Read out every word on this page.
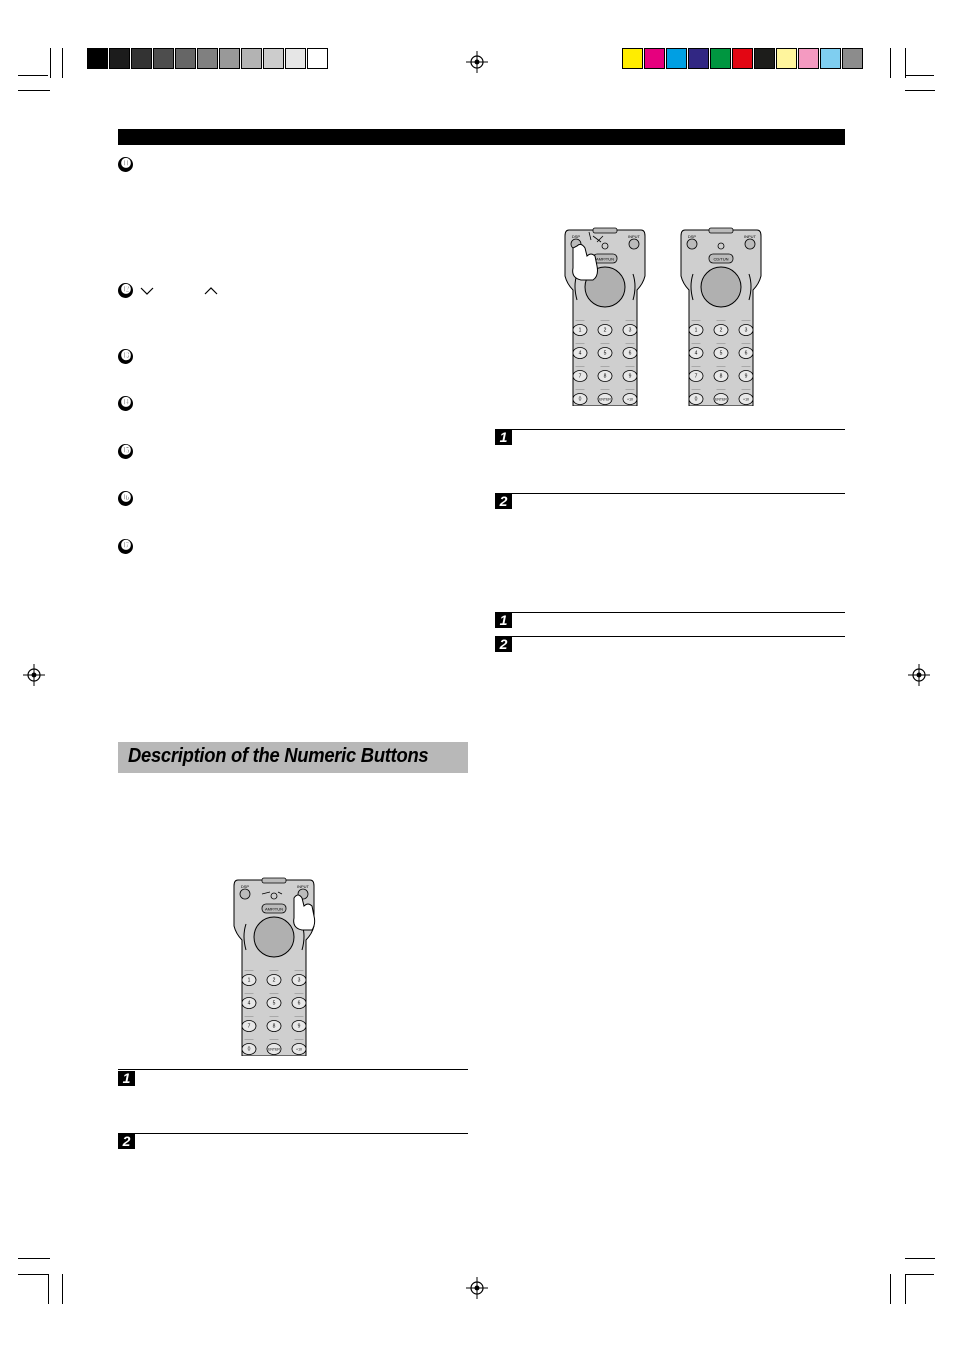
⓫
⓬
⓭
⓮
⓯
⓰
⓱
Description of the Numeric Buttons
DSP	INPUT
AMP/TUN
———
1
———
2
———
3
———
4
———
5
———
6
———
7
———
8
———
9
———
0
———
ENTER
———
+10
DSP	INPUT
CD/TUN
———
1
———
2
———
3
———
4
———
5
———
6
———
7
———
8
———
9
———
0
———
ENTER
———
+10
DSP	INPUT
AMP/TUN
———
1
———
2
———
3
———
4
———
5
———
6
———
7
———
8
———
9
———
0
———
ENTER
———
+10
1
2
1
2
1
2
